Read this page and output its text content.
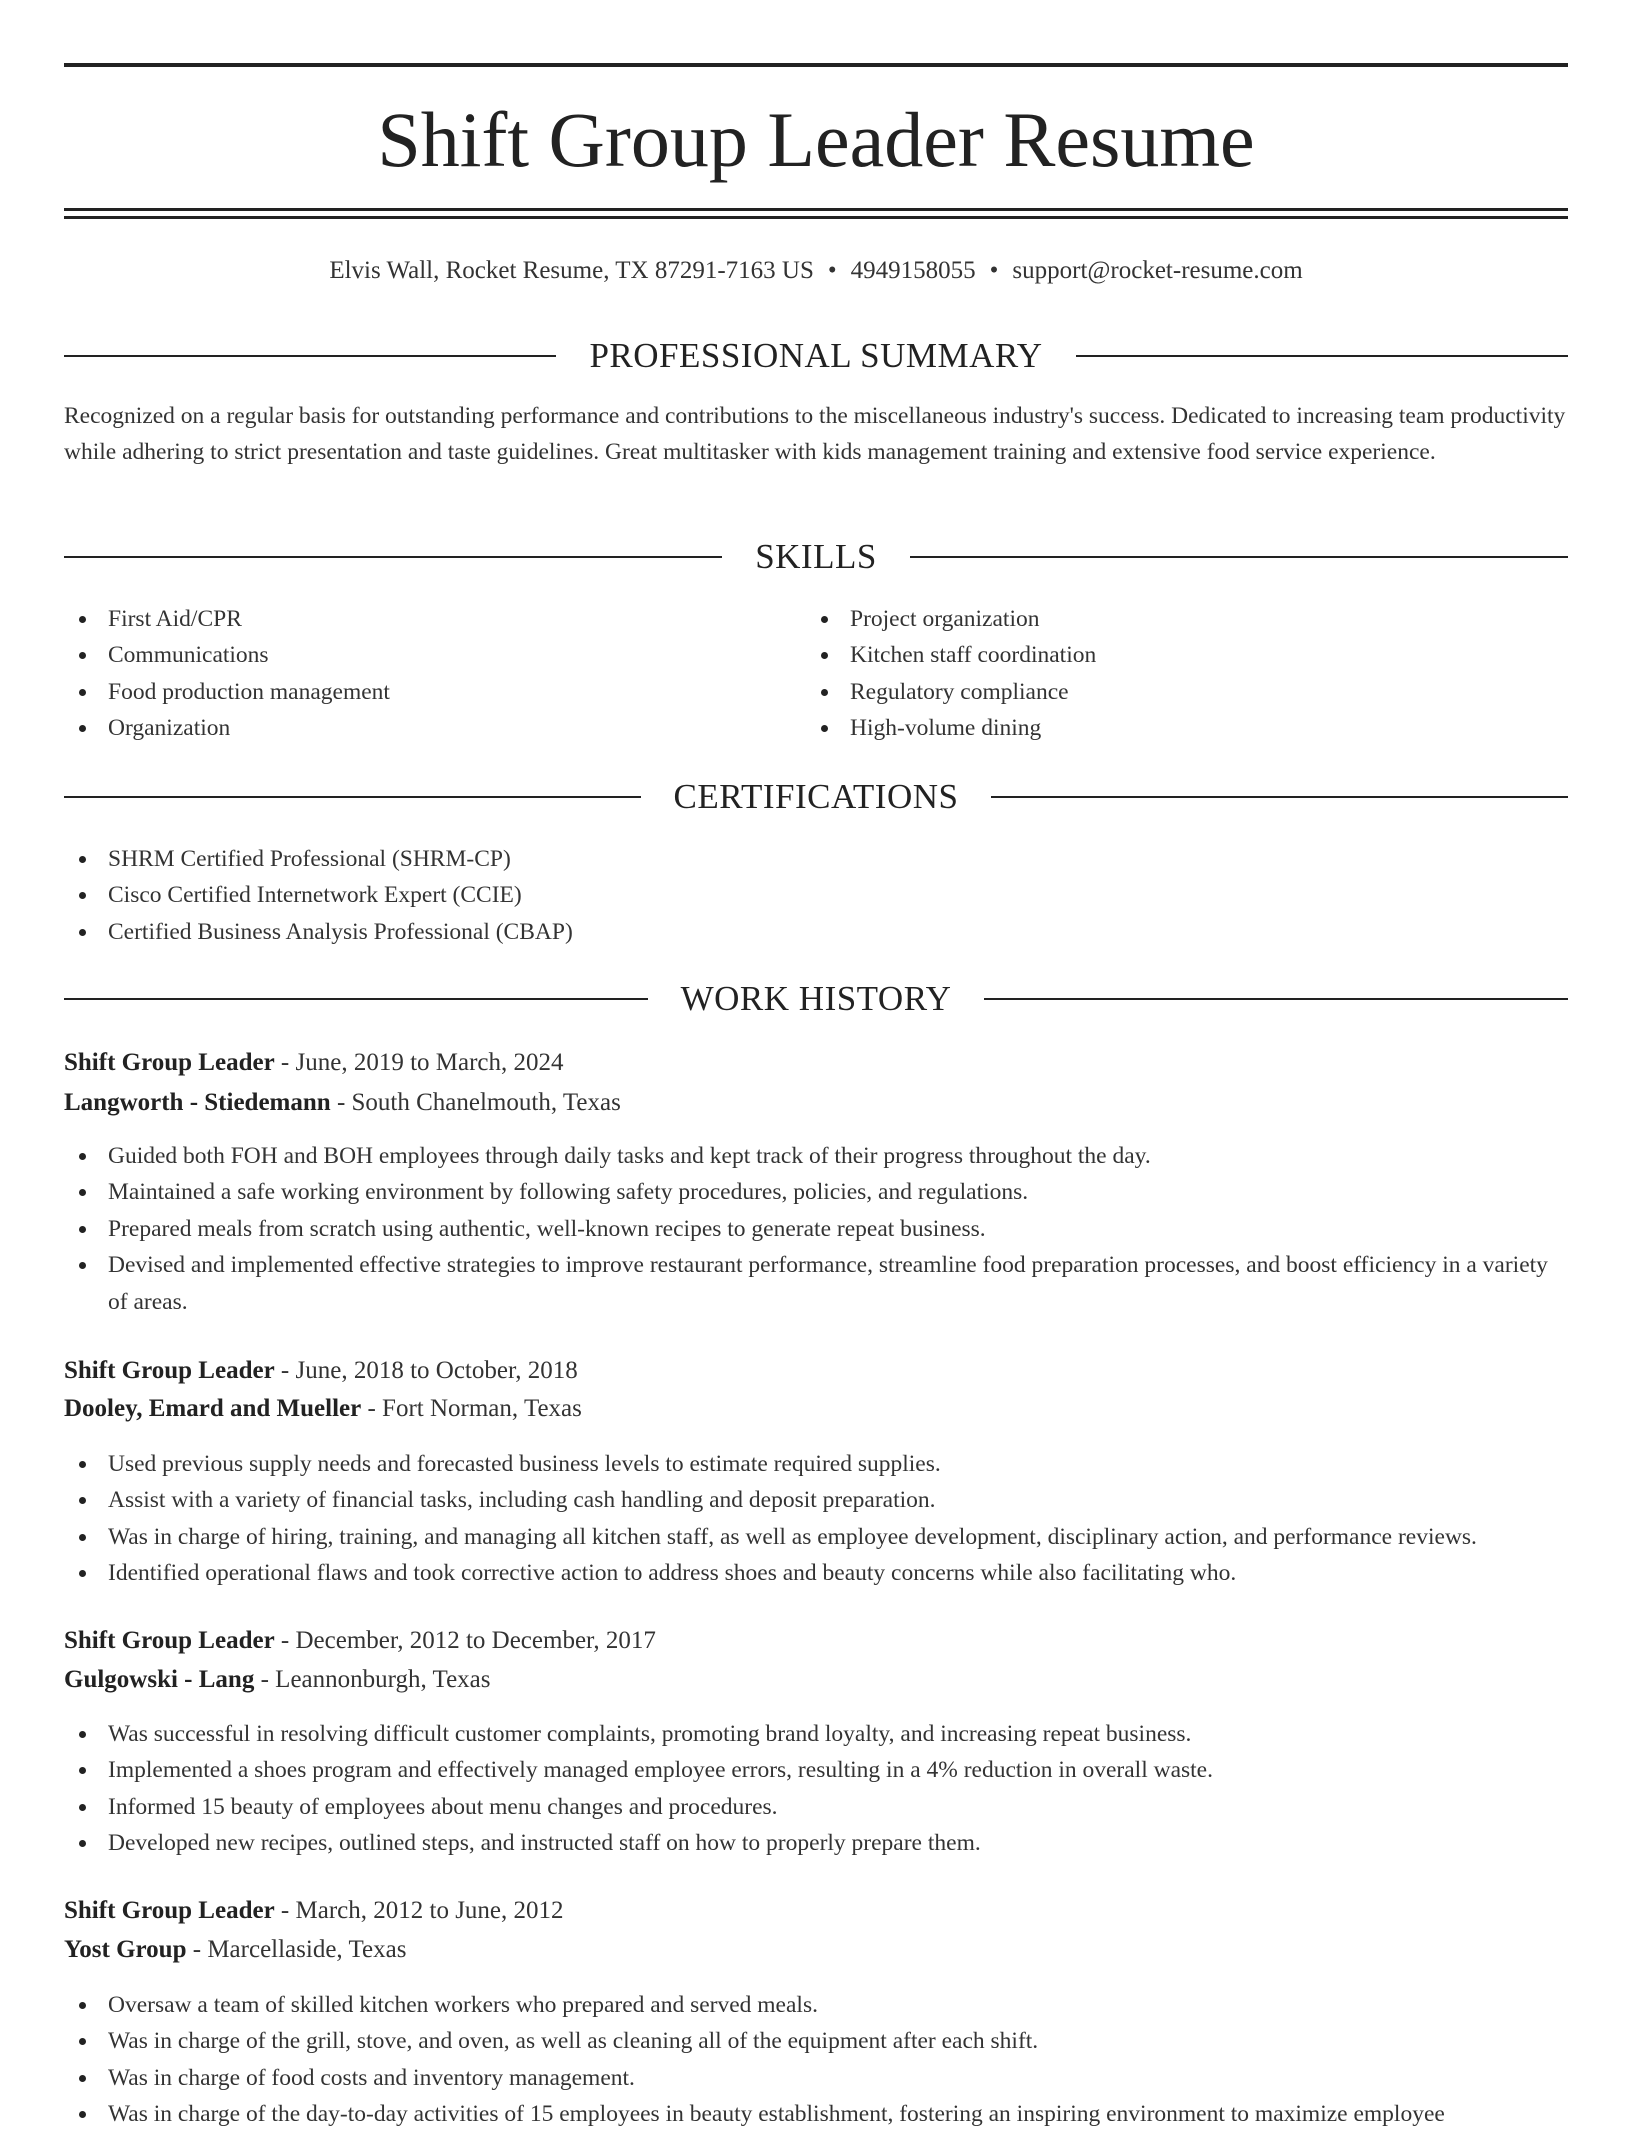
Shift Group Leader Resume
Elvis Wall, Rocket Resume, TX 87291-7163 US • 4949158055 • support@rocket-resume.com
PROFESSIONAL SUMMARY

Recognized on a regular basis for outstanding performance and contributions to the miscellaneous industry's success. Dedicated to increasing team productivity while adhering to strict presentation and taste guidelines. Great multitasker with kids management training and extensive food service experience.

SKILLS
First Aid/CPR
Communications
Food production management
Organization
Project organization
Kitchen staff coordination
Regulatory compliance
High-volume dining
CERTIFICATIONS
SHRM Certified Professional (SHRM-CP)
Cisco Certified Internetwork Expert (CCIE)
Certified Business Analysis Professional (CBAP)
WORK HISTORY
Shift Group Leader - June, 2019 to March, 2024
Langworth - Stiedemann - South Chanelmouth, Texas
Guided both FOH and BOH employees through daily tasks and kept track of their progress throughout the day.
Maintained a safe working environment by following safety procedures, policies, and regulations.
Prepared meals from scratch using authentic, well-known recipes to generate repeat business.
Devised and implemented effective strategies to improve restaurant performance, streamline food preparation processes, and boost efficiency in a variety of areas.
Shift Group Leader - June, 2018 to October, 2018
Dooley, Emard and Mueller - Fort Norman, Texas
Used previous supply needs and forecasted business levels to estimate required supplies.
Assist with a variety of financial tasks, including cash handling and deposit preparation.
Was in charge of hiring, training, and managing all kitchen staff, as well as employee development, disciplinary action, and performance reviews.
Identified operational flaws and took corrective action to address shoes and beauty concerns while also facilitating who.
Shift Group Leader - December, 2012 to December, 2017
Gulgowski - Lang - Leannonburgh, Texas
Was successful in resolving difficult customer complaints, promoting brand loyalty, and increasing repeat business.
Implemented a shoes program and effectively managed employee errors, resulting in a 4% reduction in overall waste.
Informed 15 beauty of employees about menu changes and procedures.
Developed new recipes, outlined steps, and instructed staff on how to properly prepare them.
Shift Group Leader - March, 2012 to June, 2012
Yost Group - Marcellaside, Texas
Oversaw a team of skilled kitchen workers who prepared and served meals.
Was in charge of the grill, stove, and oven, as well as cleaning all of the equipment after each shift.
Was in charge of food costs and inventory management.
Was in charge of the day-to-day activities of 15 employees in beauty establishment, fostering an inspiring environment to maximize employee
